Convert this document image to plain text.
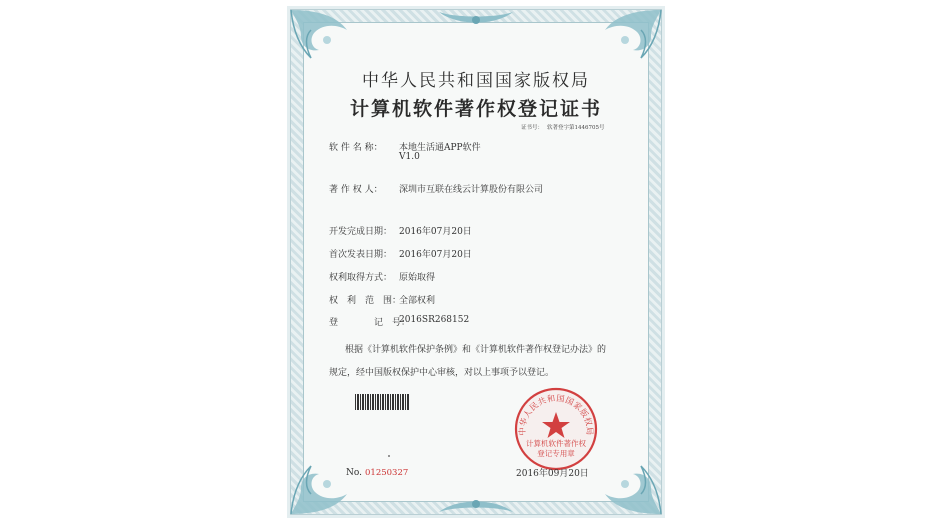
中华人民共和国国家版权局
计算机软件著作权登记证书
证书号： 软著登字第1446705号
软 件 名 称： 本地生活通APP软件
V1.0
著 作 权 人： 深圳市互联在线云计算股份有限公司
开发完成日期： 2016年07月20日
首次发表日期： 2016年07月20日
权利取得方式： 原始取得
权　利　范　围：
全部权利
登　　　　记　号：
2016SR268152
根据《计算机软件保护条例》和《计算机软件著作权登记办法》的
规定，经中国版权保护中心审核，对以上事项予以登记。
中华人民共和国国家版权局
计算机软件著作权
登记专用章
No. 01250327	2016年09月20日
